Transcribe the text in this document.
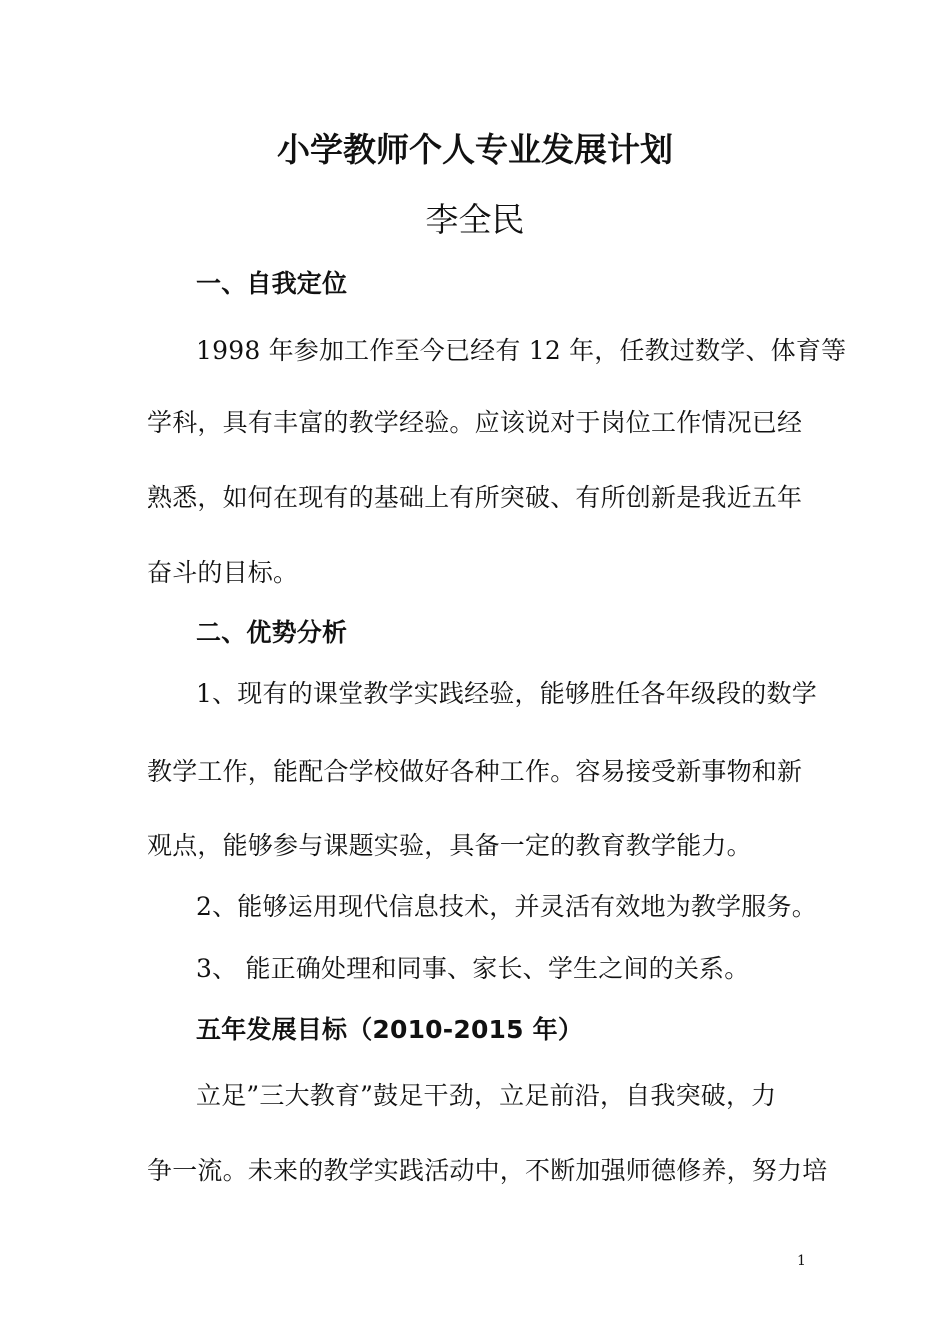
小学教师个人专业发展计划
李全民
一、自我定位
1998 年参加工作至今已经有 12 年，任教过数学、体育等
学科，具有丰富的教学经验。应该说对于岗位工作情况已经
熟悉，如何在现有的基础上有所突破、有所创新是我近五年
奋斗的目标。
二、优势分析
1、现有的课堂教学实践经验，能够胜任各年级段的数学
教学工作，能配合学校做好各种工作。容易接受新事物和新
观点，能够参与课题实验，具备一定的教育教学能力。
2、能够运用现代信息技术，并灵活有效地为教学服务。
3、 能正确处理和同事、家长、学生之间的关系。
五年发展目标（2010-2015 年）
立足”三大教育”鼓足干劲，立足前沿，自我突破，力
争一流。未来的教学实践活动中，不断加强师德修养，努力培
1
